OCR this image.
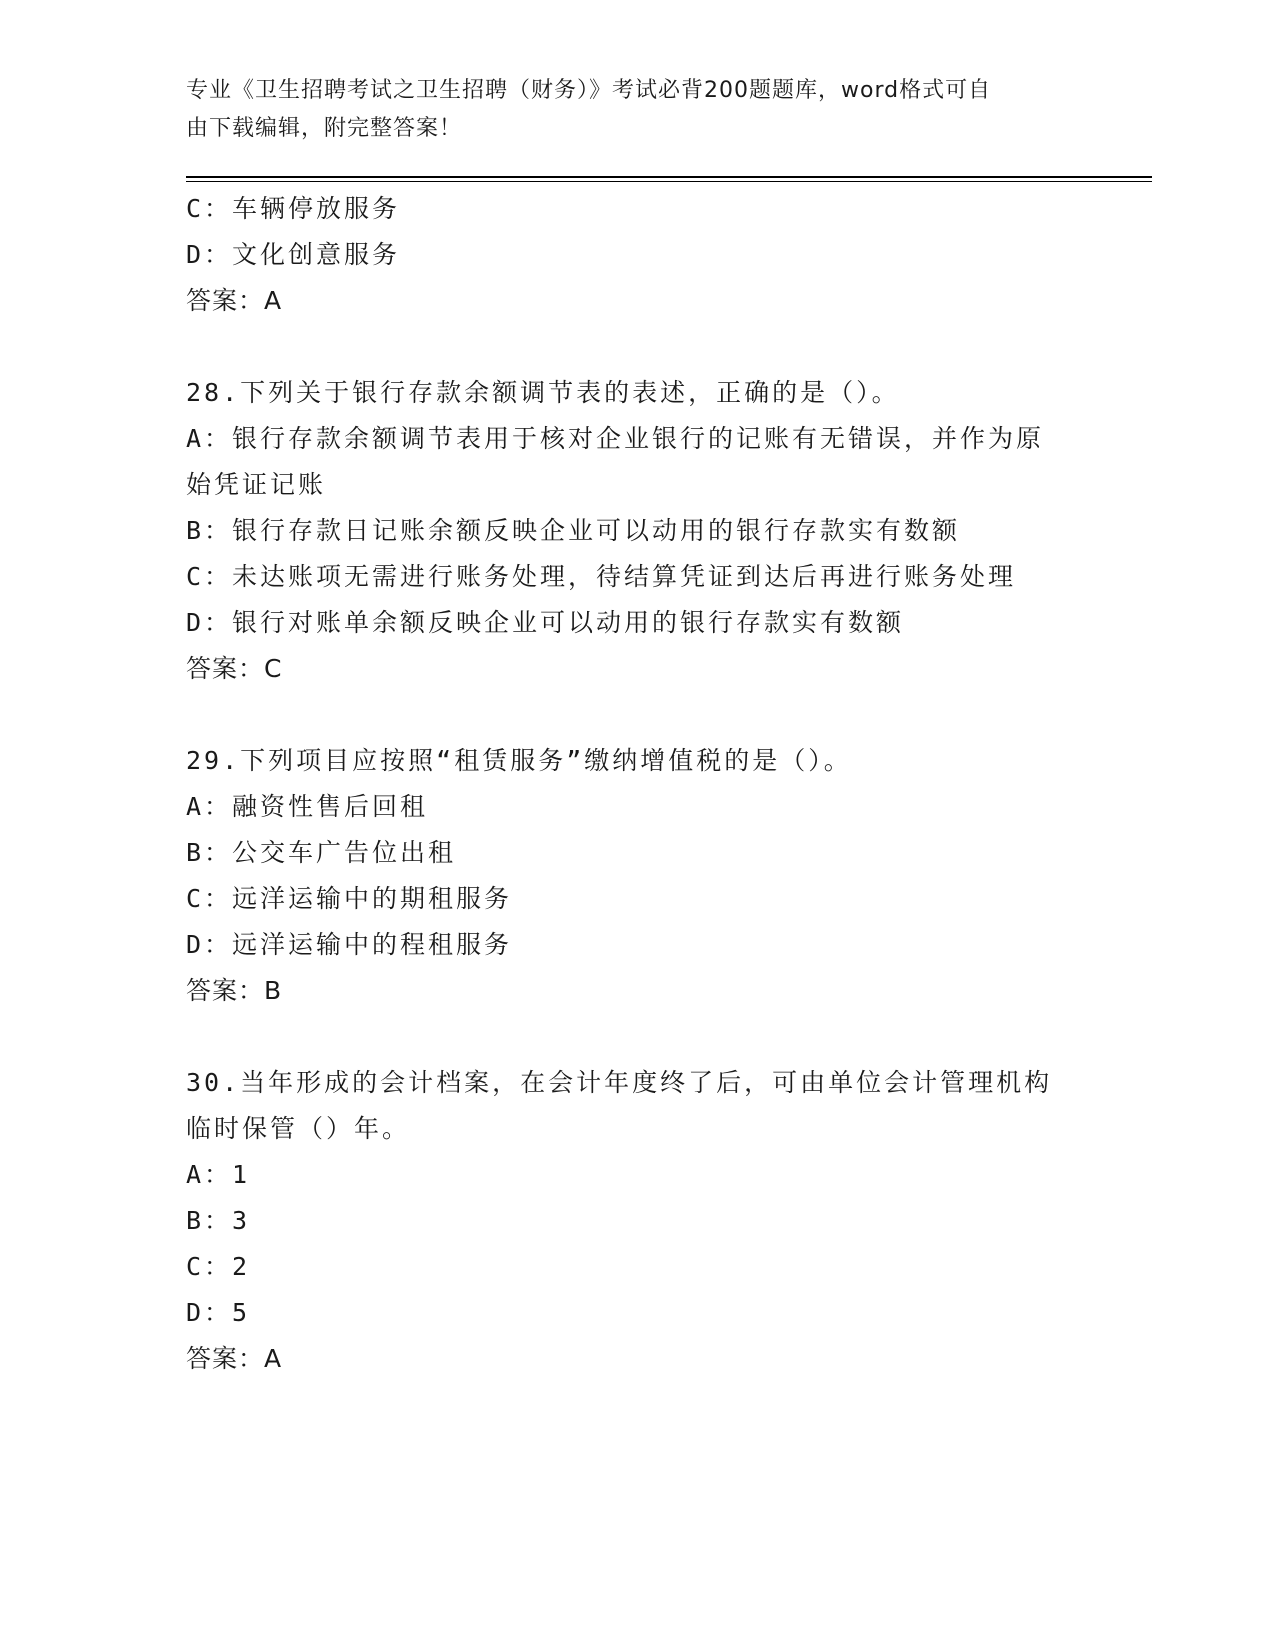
专业《卫生招聘考试之卫生招聘（财务）》考试必背200题题库，word格式可自
由下载编辑，附完整答案！
C：车辆停放服务
D：文化创意服务
答案：A
28.下列关于银行存款余额调节表的表述，正确的是（）。
A：银行存款余额调节表用于核对企业银行的记账有无错误，并作为原
始凭证记账
B：银行存款日记账余额反映企业可以动用的银行存款实有数额
C：未达账项无需进行账务处理，待结算凭证到达后再进行账务处理
D：银行对账单余额反映企业可以动用的银行存款实有数额
答案：C
29.下列项目应按照“租赁服务”缴纳增值税的是（）。
A：融资性售后回租
B：公交车广告位出租
C：远洋运输中的期租服务
D：远洋运输中的程租服务
答案：B
30.当年形成的会计档案，在会计年度终了后，可由单位会计管理机构
临时保管（）年。
A：1
B：3
C：2
D：5
答案：A
